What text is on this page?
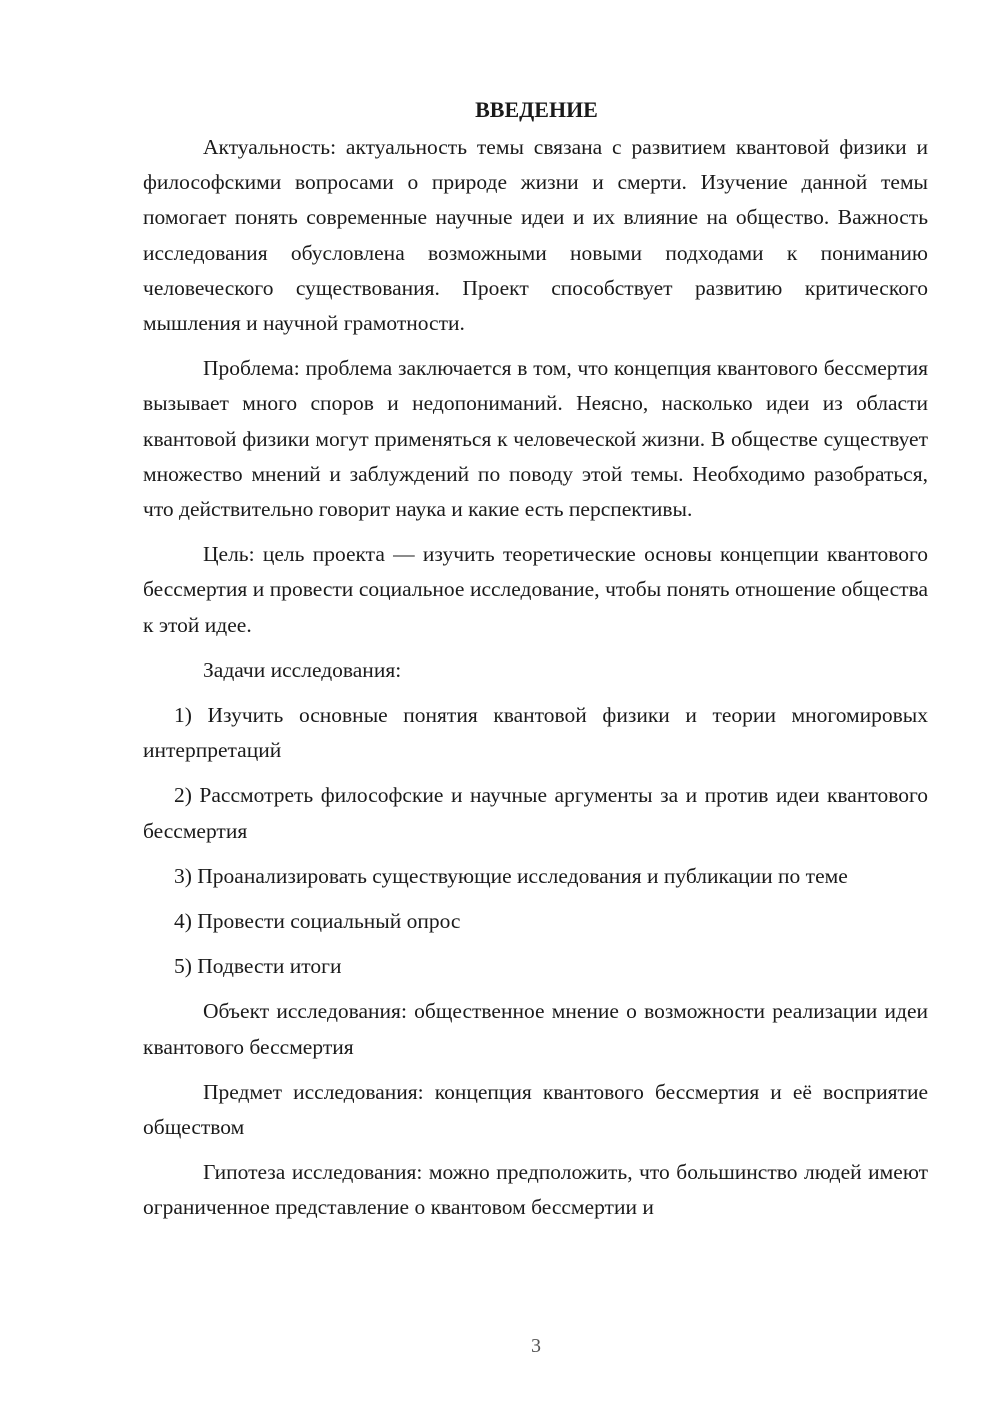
ВВЕДЕНИЕ

Актуальность: актуальность темы связана с развитием квантовой физики и философскими вопросами о природе жизни и смерти. Изучение данной темы помогает понять современные научные идеи и их влияние на общество. Важность исследования обусловлена возможными новыми подходами к пониманию человеческого существования. Проект способствует развитию критического мышления и научной грамотности.

Проблема: проблема заключается в том, что концепция квантового бессмертия вызывает много споров и недопониманий. Неясно, насколько идеи из области квантовой физики могут применяться к человеческой жизни. В обществе существует множество мнений и заблуждений по поводу этой темы. Необходимо разобраться, что действительно говорит наука и какие есть перспективы.

Цель: цель проекта — изучить теоретические основы концепции квантового бессмертия и провести социальное исследование, чтобы понять отношение общества к этой идее.

Задачи исследования:

1) Изучить основные понятия квантовой физики и теории многомировых интерпретаций

2) Рассмотреть философские и научные аргументы за и против идеи квантового бессмертия

3) Проанализировать существующие исследования и публикации по теме

4) Провести социальный опрос

5) Подвести итоги

Объект исследования: общественное мнение о возможности реализации идеи квантового бессмертия

Предмет исследования: концепция квантового бессмертия и её восприятие обществом

Гипотеза исследования: можно предположить, что большинство людей имеют ограниченное представление о квантовом бессмертии и

3
